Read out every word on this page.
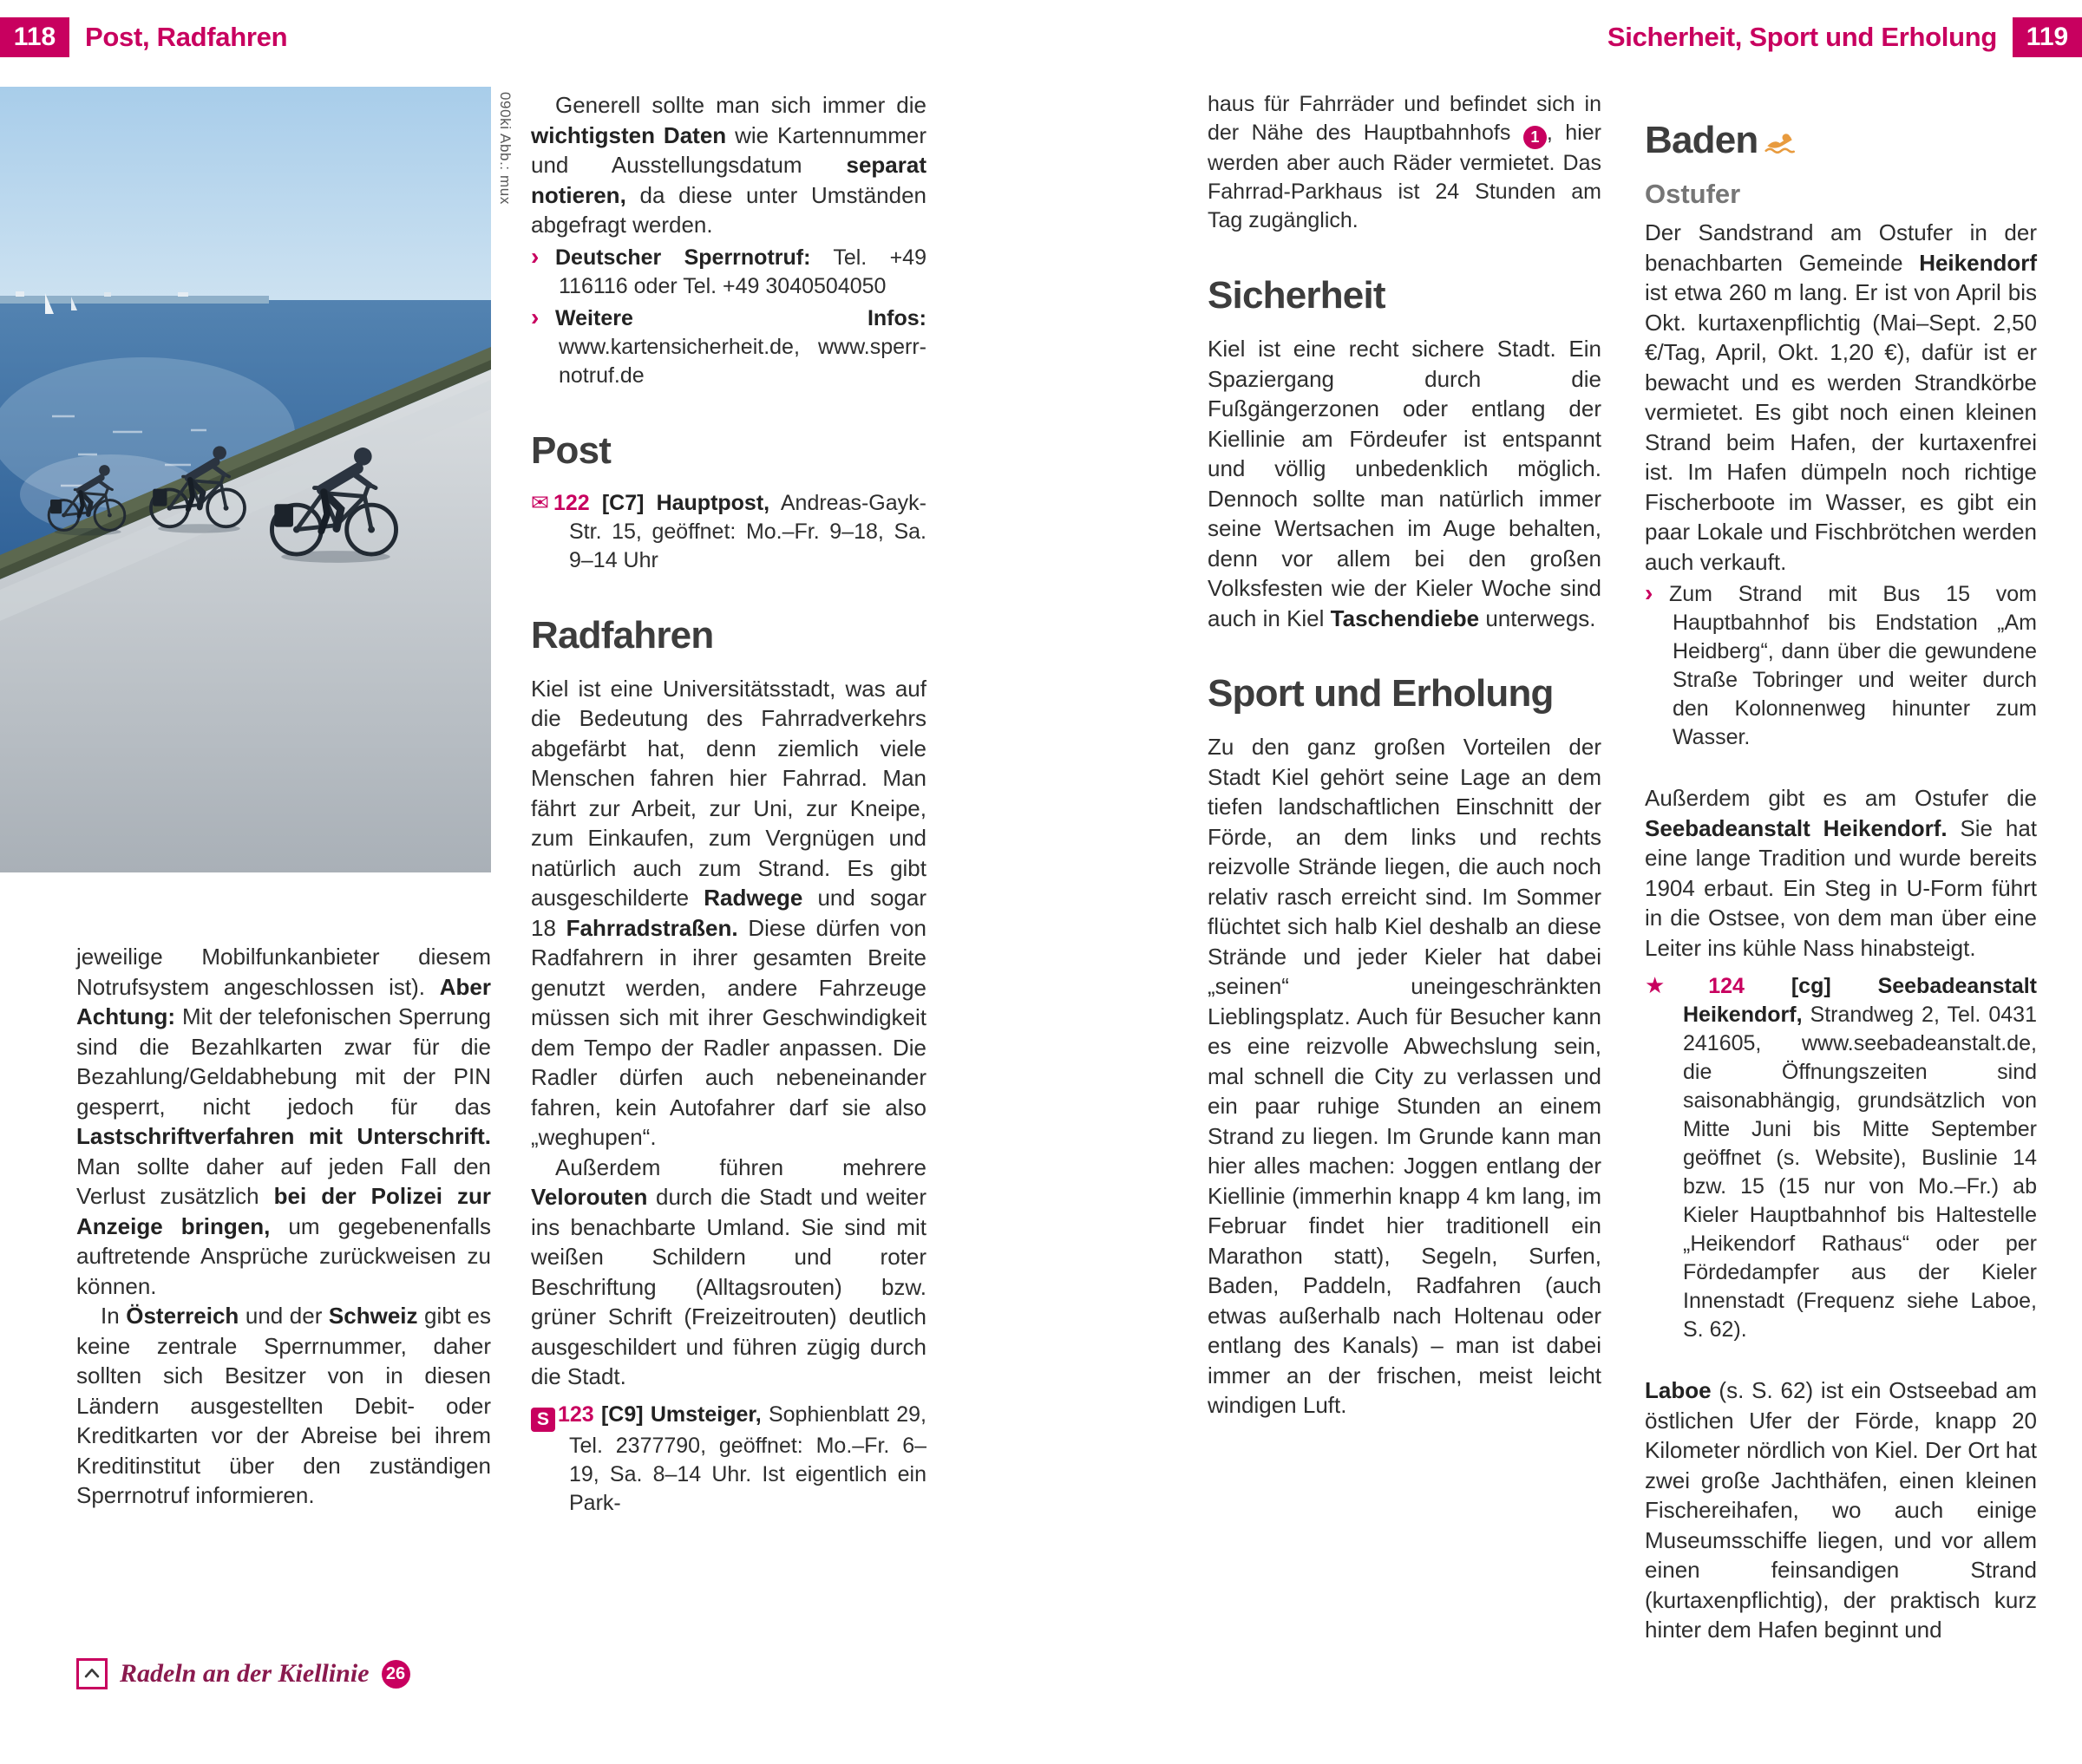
118	Post, Radfahren	Sicherheit, Sport und Erholung	119
090ki Abb.: mux
jeweilige Mobilfunkanbieter diesem Notrufsystem angeschlossen ist). Aber Achtung: Mit der telefonischen Sperrung sind die Bezahlkarten zwar für die Bezahlung/Geldabhebung mit der PIN gesperrt, nicht jedoch für das Lastschriftverfahren mit Unterschrift. Man sollte daher auf jeden Fall den Verlust zusätzlich bei der Polizei zur Anzeige bringen, um gegebenenfalls auftretende Ansprüche zurückweisen zu können.
In Österreich und der Schweiz gibt es keine zentrale Sperrnummer, daher sollten sich Besitzer von in diesen Ländern ausgestellten Debit- oder Kreditkarten vor der Abreise bei ihrem Kreditinstitut über den zuständigen Sperrnotruf informieren.
Generell sollte man sich immer die wichtigsten Daten wie Kartennummer und Ausstellungsdatum separat notieren, da diese unter Umständen abgefragt werden.
› Deutscher Sperrnotruf: Tel. +49 116116 oder Tel. +49 3040504050
› Weitere Infos: www.kartensicherheit.de, www.sperr-notruf.de
Post
✉ 122 [C7] Hauptpost, Andreas-Gayk-Str. 15, geöffnet: Mo.–Fr. 9–18, Sa. 9–14 Uhr
Radfahren
Kiel ist eine Universitätsstadt, was auf die Bedeutung des Fahrradverkehrs abgefärbt hat, denn ziemlich viele Menschen fahren hier Fahrrad. Man fährt zur Arbeit, zur Uni, zur Kneipe, zum Einkaufen, zum Vergnügen und natürlich auch zum Strand. Es gibt ausgeschilderte Radwege und sogar 18 Fahrradstraßen. Diese dürfen von Radfahrern in ihrer gesamten Breite genutzt werden, andere Fahrzeuge müssen sich mit ihrer Geschwindigkeit dem Tempo der Radler anpassen. Die Radler dürfen auch nebeneinander fahren, kein Autofahrer darf sie also „weghupen“.
Außerdem führen mehrere Velorouten durch die Stadt und weiter ins benachbarte Umland. Sie sind mit weißen Schildern und roter Beschriftung (Alltagsrouten) bzw. grüner Schrift (Freizeitrouten) deutlich ausgeschildert und führen zügig durch die Stadt.
S 123 [C9] Umsteiger, Sophienblatt 29, Tel. 2377790, geöffnet: Mo.–Fr. 6–19, Sa. 8–14 Uhr. Ist eigentlich ein Park-
haus für Fahrräder und befindet sich in der Nähe des Hauptbahnhofs 1 , hier werden aber auch Räder vermietet. Das Fahrrad-Parkhaus ist 24 Stunden am Tag zugänglich.
Sicherheit
Kiel ist eine recht sichere Stadt. Ein Spaziergang durch die Fußgängerzonen oder entlang der Kiellinie am Fördeufer ist entspannt und völlig unbedenklich möglich. Dennoch sollte man natürlich immer seine Wertsachen im Auge behalten, denn vor allem bei den großen Volksfesten wie der Kieler Woche sind auch in Kiel Taschendiebe unterwegs.
Sport und Erholung
Zu den ganz großen Vorteilen der Stadt Kiel gehört seine Lage an dem tiefen landschaftlichen Einschnitt der Förde, an dem links und rechts reizvolle Strände liegen, die auch noch relativ rasch erreicht sind. Im Sommer flüchtet sich halb Kiel deshalb an diese Strände und jeder Kieler hat dabei „seinen“ uneingeschränkten Lieblingsplatz. Auch für Besucher kann es eine reizvolle Abwechslung sein, mal schnell die City zu verlassen und ein paar ruhige Stunden an einem Strand zu liegen. Im Grunde kann man hier alles machen: Joggen entlang der Kiellinie (immerhin knapp 4 km lang, im Februar findet hier traditionell ein Marathon statt), Segeln, Surfen, Baden, Paddeln, Radfahren (auch etwas außerhalb nach Holtenau oder entlang des Kanals) – man ist dabei immer an der frischen, meist leicht windigen Luft.
Baden
Ostufer
Der Sandstrand am Ostufer in der benachbarten Gemeinde Heikendorf ist etwa 260 m lang. Er ist von April bis Okt. kurtaxenpflichtig (Mai–Sept. 2,50 €/Tag, April, Okt. 1,20 €), dafür ist er bewacht und es werden Strandkörbe vermietet. Es gibt noch einen kleinen Strand beim Hafen, der kurtaxenfrei ist. Im Hafen dümpeln noch richtige Fischerboote im Wasser, es gibt ein paar Lokale und Fischbrötchen werden auch verkauft.
› Zum Strand mit Bus 15 vom Hauptbahnhof bis Endstation „Am Heidberg“, dann über die gewundene Straße Tobringer und weiter durch den Kolonnenweg hinunter zum Wasser.
Außerdem gibt es am Ostufer die Seebadeanstalt Heikendorf. Sie hat eine lange Tradition und wurde bereits 1904 erbaut. Ein Steg in U-Form führt in die Ostsee, von dem man über eine Leiter ins kühle Nass hinabsteigt.
★ 124 [cg] Seebadeanstalt Heikendorf, Strandweg 2, Tel. 0431 241605, www.seebadeanstalt.de, die Öffnungszeiten sind saisonabhängig, grundsätzlich von Mitte Juni bis Mitte September geöffnet (s. Website), Buslinie 14 bzw. 15 (15 nur von Mo.–Fr.) ab Kieler Hauptbahnhof bis Haltestelle „Heikendorf Rathaus“ oder per Fördedampfer aus der Kieler Innenstadt (Frequenz siehe Laboe, S. 62).
Laboe (s. S. 62) ist ein Ostseebad am östlichen Ufer der Förde, knapp 20 Kilometer nördlich von Kiel. Der Ort hat zwei große Jachthäfen, einen kleinen Fischereihafen, wo auch einige Museumsschiffe liegen, und vor allem einen feinsandigen Strand (kurtaxenpflichtig), der praktisch kurz hinter dem Hafen beginnt und
Radeln an der Kiellinie 26
